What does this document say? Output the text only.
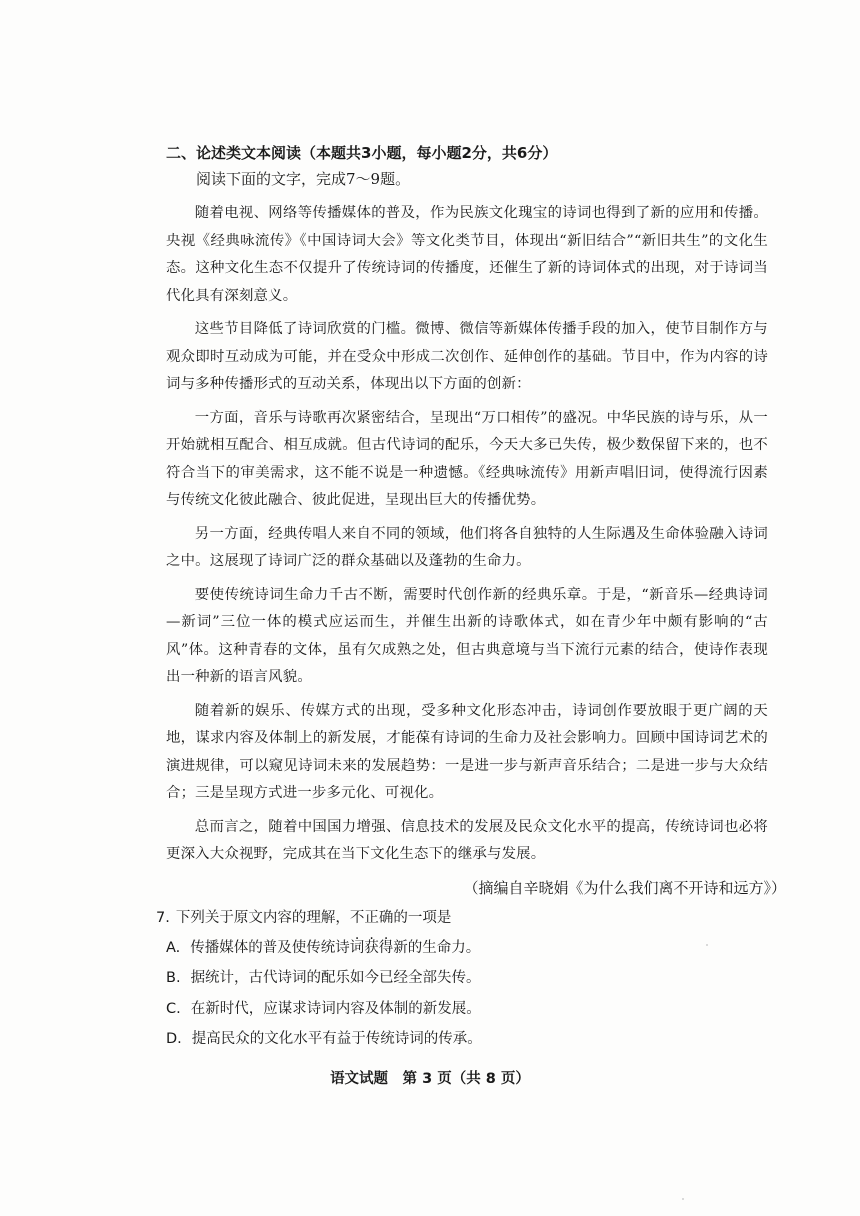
二、论述类文本阅读（本题共3小题，每小题2分，共6分）

阅读下面的文字，完成7～9题。

随着电视、网络等传播媒体的普及，作为民族文化瑰宝的诗词也得到了新的应用和传播。央视《经典咏流传》《中国诗词大会》等文化类节目，体现出“新旧结合”“新旧共生”的文化生态。这种文化生态不仅提升了传统诗词的传播度，还催生了新的诗词体式的出现，对于诗词当代化具有深刻意义。

这些节目降低了诗词欣赏的门槛。微博、微信等新媒体传播手段的加入，使节目制作方与观众即时互动成为可能，并在受众中形成二次创作、延伸创作的基础。节目中，作为内容的诗词与多种传播形式的互动关系，体现出以下方面的创新：

一方面，音乐与诗歌再次紧密结合，呈现出“万口相传”的盛况。中华民族的诗与乐，从一开始就相互配合、相互成就。但古代诗词的配乐，今天大多已失传，极少数保留下来的，也不符合当下的审美需求，这不能不说是一种遗憾。《经典咏流传》用新声唱旧词，使得流行因素与传统文化彼此融合、彼此促进，呈现出巨大的传播优势。

另一方面，经典传唱人来自不同的领域，他们将各自独特的人生际遇及生命体验融入诗词之中。这展现了诗词广泛的群众基础以及蓬勃的生命力。

要使传统诗词生命力千古不断，需要时代创作新的经典乐章。于是，“新音乐—经典诗词—新词”三位一体的模式应运而生，并催生出新的诗歌体式，如在青少年中颇有影响的“古风”体。这种青春的文体，虽有欠成熟之处，但古典意境与当下流行元素的结合，使诗作表现出一种新的语言风貌。

随着新的娱乐、传媒方式的出现，受多种文化形态冲击，诗词创作要放眼于更广阔的天地，谋求内容及体制上的新发展，才能葆有诗词的生命力及社会影响力。回顾中国诗词艺术的演进规律，可以窥见诗词未来的发展趋势：一是进一步与新声音乐结合；二是进一步与大众结合；三是呈现方式进一步多元化、可视化。

总而言之，随着中国国力增强、信息技术的发展及民众文化水平的提高，传统诗词也必将更深入大众视野，完成其在当下文化生态下的继承与发展。

（摘编自辛晓娟《为什么我们离不开诗和远方》）

7. 下列关于原文内容的理解，不正确的一项是

A. 传播媒体的普及使传统诗词获得新的生命力。
B. 据统计，古代诗词的配乐如今已经全部失传。
C. 在新时代，应谋求诗词内容及体制的新发展。
D. 提高民众的文化水平有益于传统诗词的传承。
语文试题　第 3 页（共 8 页）
